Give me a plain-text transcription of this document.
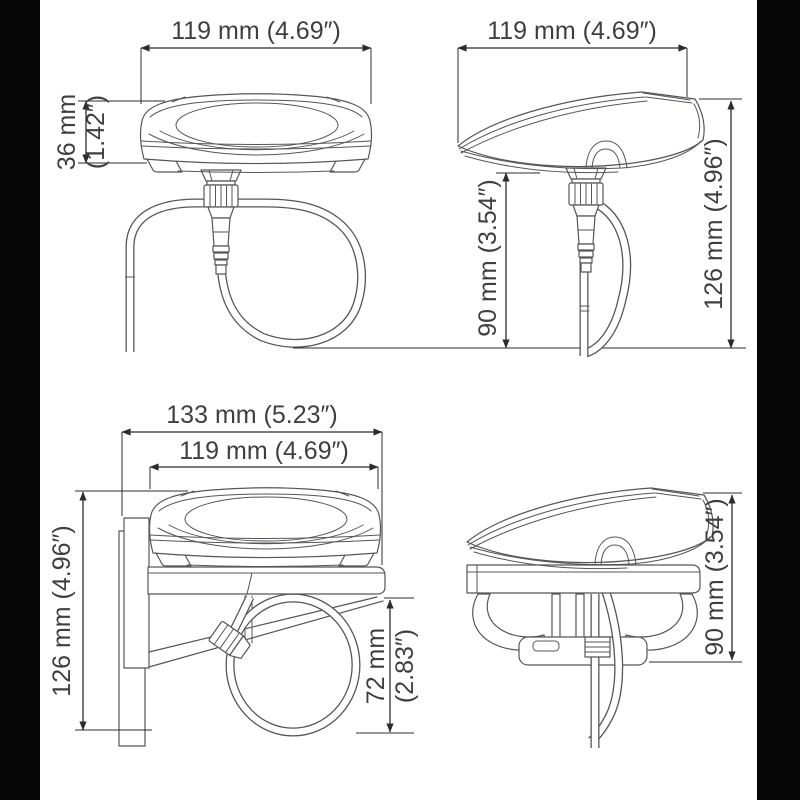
119 mm (4.69″)
36 mm (1.42″)
119 mm (4.69″)
90 mm (3.54″)	126 mm (4.96″)
133 mm (5.23″)
119 mm (4.69″)
126 mm (4.96″)	72 mm (2.83″)
90 mm (3.54″)
